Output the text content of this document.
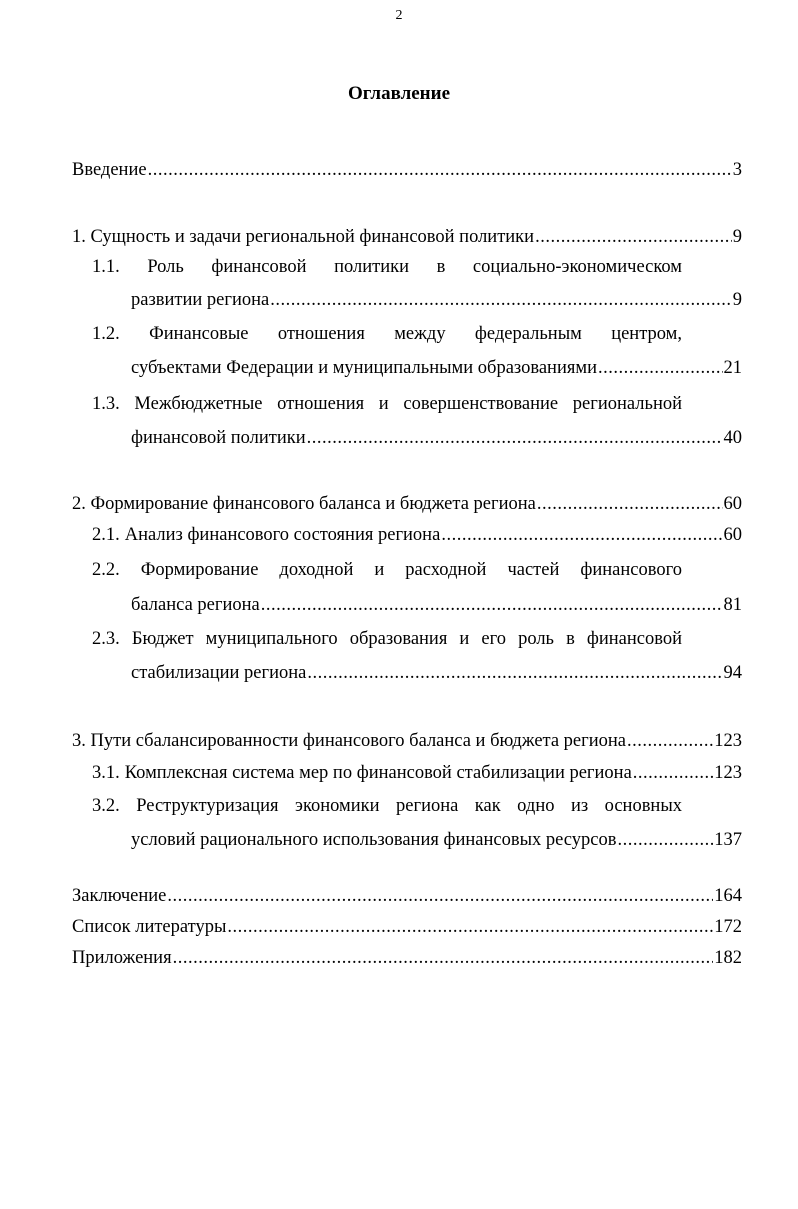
2
Оглавление
Введение .....	3
1. Сущность и задачи региональной финансовой политики .....	9
1.1. Роль финансовой политики в социально-экономическом
развитии региона .....	9
1.2. Финансовые отношения между федеральным центром,
субъектами Федерации и муниципальными образованиями .....	21
1.3. Межбюджетные отношения и совершенствование региональной
финансовой политики .....	40
2. Формирование финансового баланса и бюджета региона .....	60
2.1. Анализ финансового состояния региона .....	60
2.2. Формирование доходной и расходной частей финансового
баланса региона .....	81
2.3. Бюджет муниципального образования и его роль в финансовой
стабилизации региона .....	94
3. Пути сбалансированности финансового баланса и бюджета региона .....	123
3.1. Комплексная система мер по финансовой стабилизации региона .....	123
3.2. Реструктуризация экономики региона как одно из основных
условий рационального использования финансовых ресурсов .....	137
Заключение .....	164
Список литературы .....	172
Приложения .....	182
